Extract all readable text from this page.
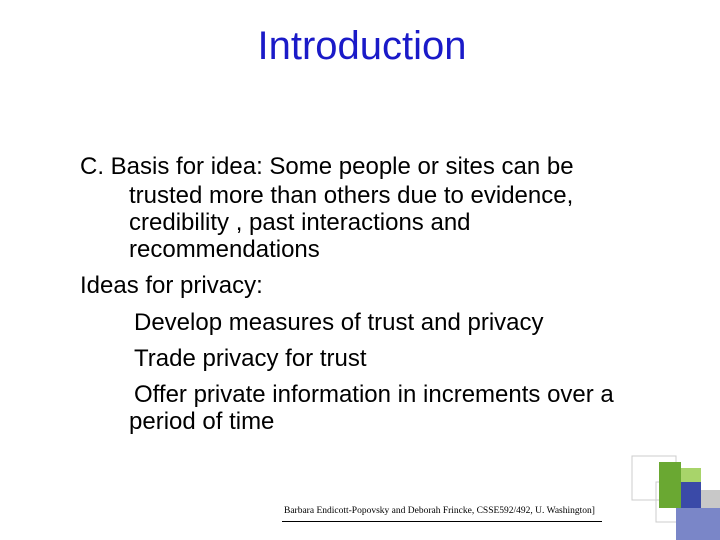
Introduction
C. Basis for idea: Some people or sites can be
trusted more than others due to evidence,
credibility , past interactions and
recommendations
Ideas for privacy:
Develop measures of trust and privacy
Trade privacy for trust
Offer private information in increments over a
period of time
Barbara Endicott-Popovsky and Deborah Frincke, CSSE592/492, U. Washington]
